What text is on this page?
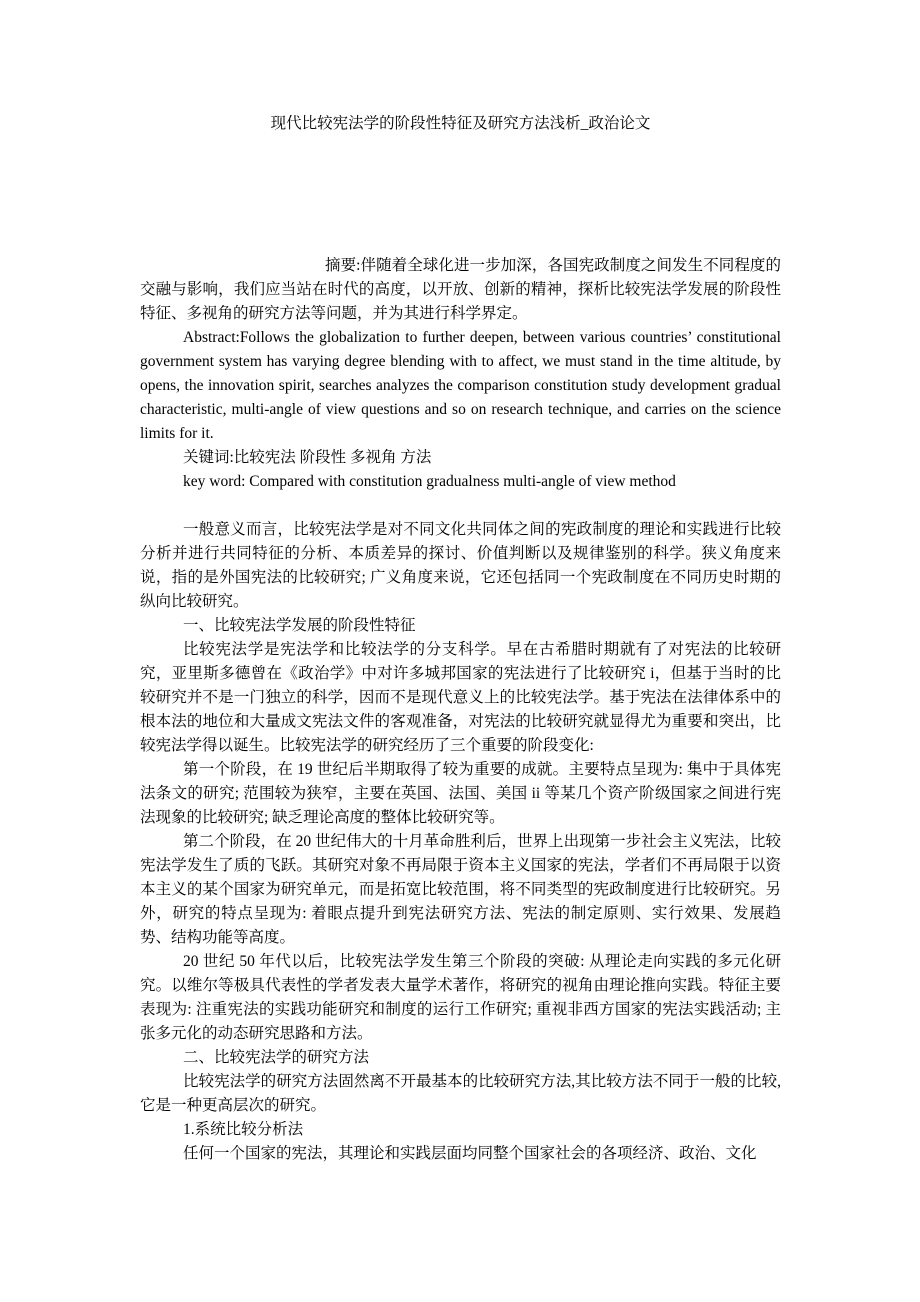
现代比较宪法学的阶段性特征及研究方法浅析_政治论文

摘要:伴随着全球化进一步加深，各国宪政制度之间发生不同程度的交融与影响，我们应当站在时代的高度，以开放、创新的精神，探析比较宪法学发展的阶段性特征、多视角的研究方法等问题，并为其进行科学界定。

Abstract:Follows the globalization to further deepen, between various countries’ constitutional government system has varying degree blending with to affect, we must stand in the time altitude, by opens, the innovation spirit, searches analyzes the comparison constitution study development gradual characteristic, multi-angle of view questions and so on research technique, and carries on the science limits for it.

关键词:比较宪法 阶段性 多视角 方法

key word: Compared with constitution gradualness multi-angle of view method

一般意义而言，比较宪法学是对不同文化共同体之间的宪政制度的理论和实践进行比较分析并进行共同特征的分析、本质差异的探讨、价值判断以及规律鉴别的科学。狭义角度来说，指的是外国宪法的比较研究; 广义角度来说，它还包括同一个宪政制度在不同历史时期的纵向比较研究。

一、比较宪法学发展的阶段性特征

比较宪法学是宪法学和比较法学的分支科学。早在古希腊时期就有了对宪法的比较研究，亚里斯多德曾在《政治学》中对许多城邦国家的宪法进行了比较研究 i，但基于当时的比较研究并不是一门独立的科学，因而不是现代意义上的比较宪法学。基于宪法在法律体系中的根本法的地位和大量成文宪法文件的客观准备，对宪法的比较研究就显得尤为重要和突出，比较宪法学得以诞生。比较宪法学的研究经历了三个重要的阶段变化:

第一个阶段，在 19 世纪后半期取得了较为重要的成就。主要特点呈现为: 集中于具体宪法条文的研究; 范围较为狭窄，主要在英国、法国、美国 ii 等某几个资产阶级国家之间进行宪法现象的比较研究; 缺乏理论高度的整体比较研究等。

第二个阶段，在 20 世纪伟大的十月革命胜利后，世界上出现第一步社会主义宪法，比较宪法学发生了质的飞跃。其研究对象不再局限于资本主义国家的宪法，学者们不再局限于以资本主义的某个国家为研究单元，而是拓宽比较范围，将不同类型的宪政制度进行比较研究。另外，研究的特点呈现为: 着眼点提升到宪法研究方法、宪法的制定原则、实行效果、发展趋势、结构功能等高度。

20 世纪 50 年代以后，比较宪法学发生第三个阶段的突破: 从理论走向实践的多元化研究。以维尔等极具代表性的学者发表大量学术著作，将研究的视角由理论推向实践。特征主要表现为: 注重宪法的实践功能研究和制度的运行工作研究; 重视非西方国家的宪法实践活动; 主张多元化的动态研究思路和方法。

二、比较宪法学的研究方法

比较宪法学的研究方法固然离不开最基本的比较研究方法,其比较方法不同于一般的比较, 它是一种更高层次的研究。

1.系统比较分析法

任何一个国家的宪法，其理论和实践层面均同整个国家社会的各项经济、政治、文化
